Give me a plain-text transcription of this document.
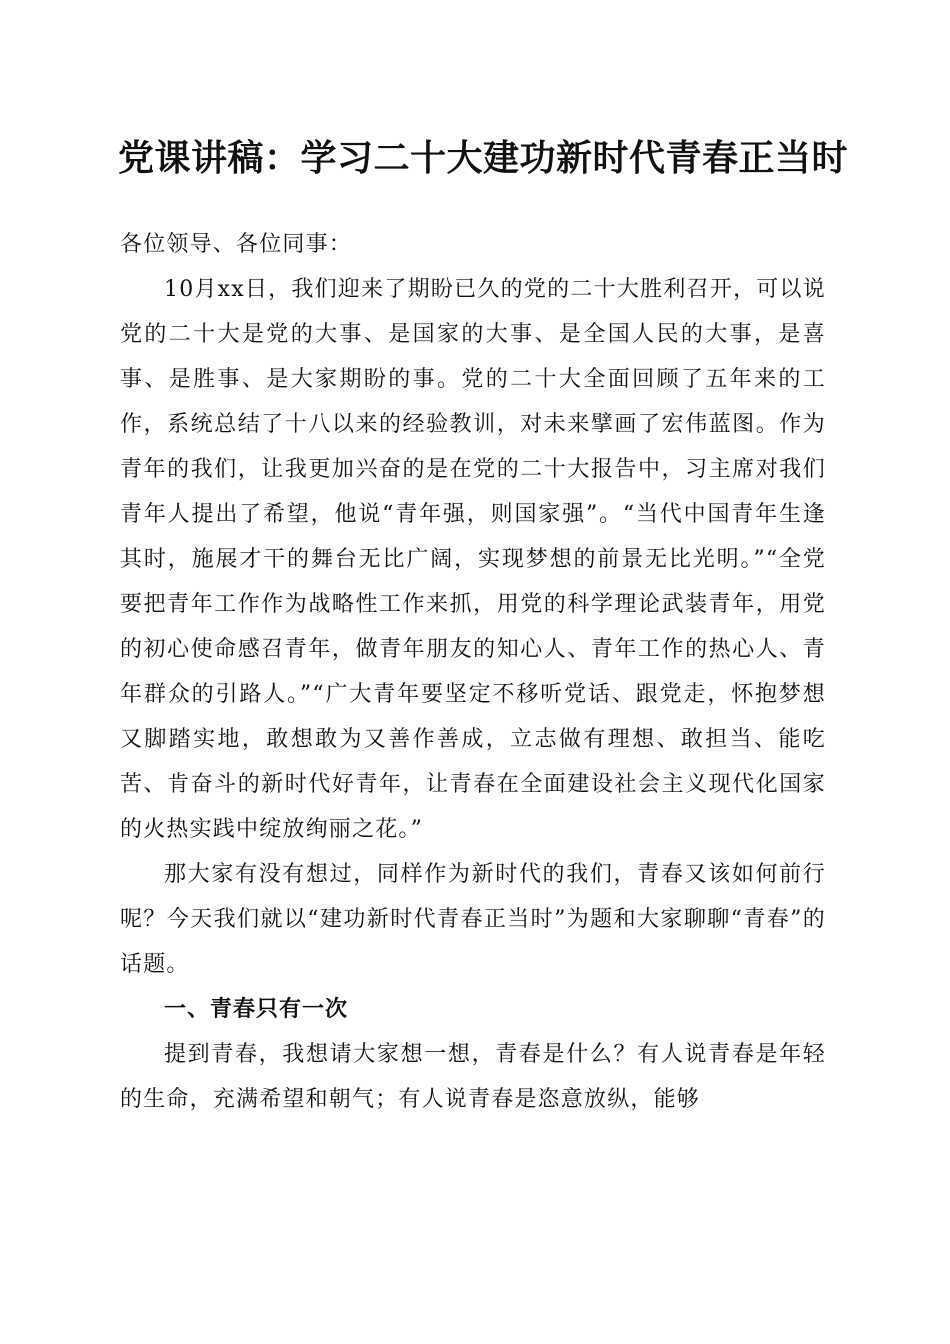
党课讲稿：学习二十大建功新时代青春正当时

各位领导、各位同事：

10月xx日，我们迎来了期盼已久的党的二十大胜利召开，可以说党的二十大是党的大事、是国家的大事、是全国人民的大事，是喜事、是胜事、是大家期盼的事。党的二十大全面回顾了五年来的工作，系统总结了十八以来的经验教训，对未来擘画了宏伟蓝图。作为青年的我们，让我更加兴奋的是在党的二十大报告中，习主席对我们青年人提出了希望，他说“青年强，则国家强”。“当代中国青年生逢其时，施展才干的舞台无比广阔，实现梦想的前景无比光明。”“全党要把青年工作作为战略性工作来抓，用党的科学理论武装青年，用党的初心使命感召青年，做青年朋友的知心人、青年工作的热心人、青年群众的引路人。”“广大青年要坚定不移听党话、跟党走，怀抱梦想又脚踏实地，敢想敢为又善作善成，立志做有理想、敢担当、能吃苦、肯奋斗的新时代好青年，让青春在全面建设社会主义现代化国家的火热实践中绽放绚丽之花。”

那大家有没有想过，同样作为新时代的我们，青春又该如何前行呢？今天我们就以“建功新时代青春正当时”为题和大家聊聊“青春”的话题。

一、青春只有一次

提到青春，我想请大家想一想，青春是什么？有人说青春是年轻的生命，充满希望和朝气；有人说青春是恣意放纵，能够
